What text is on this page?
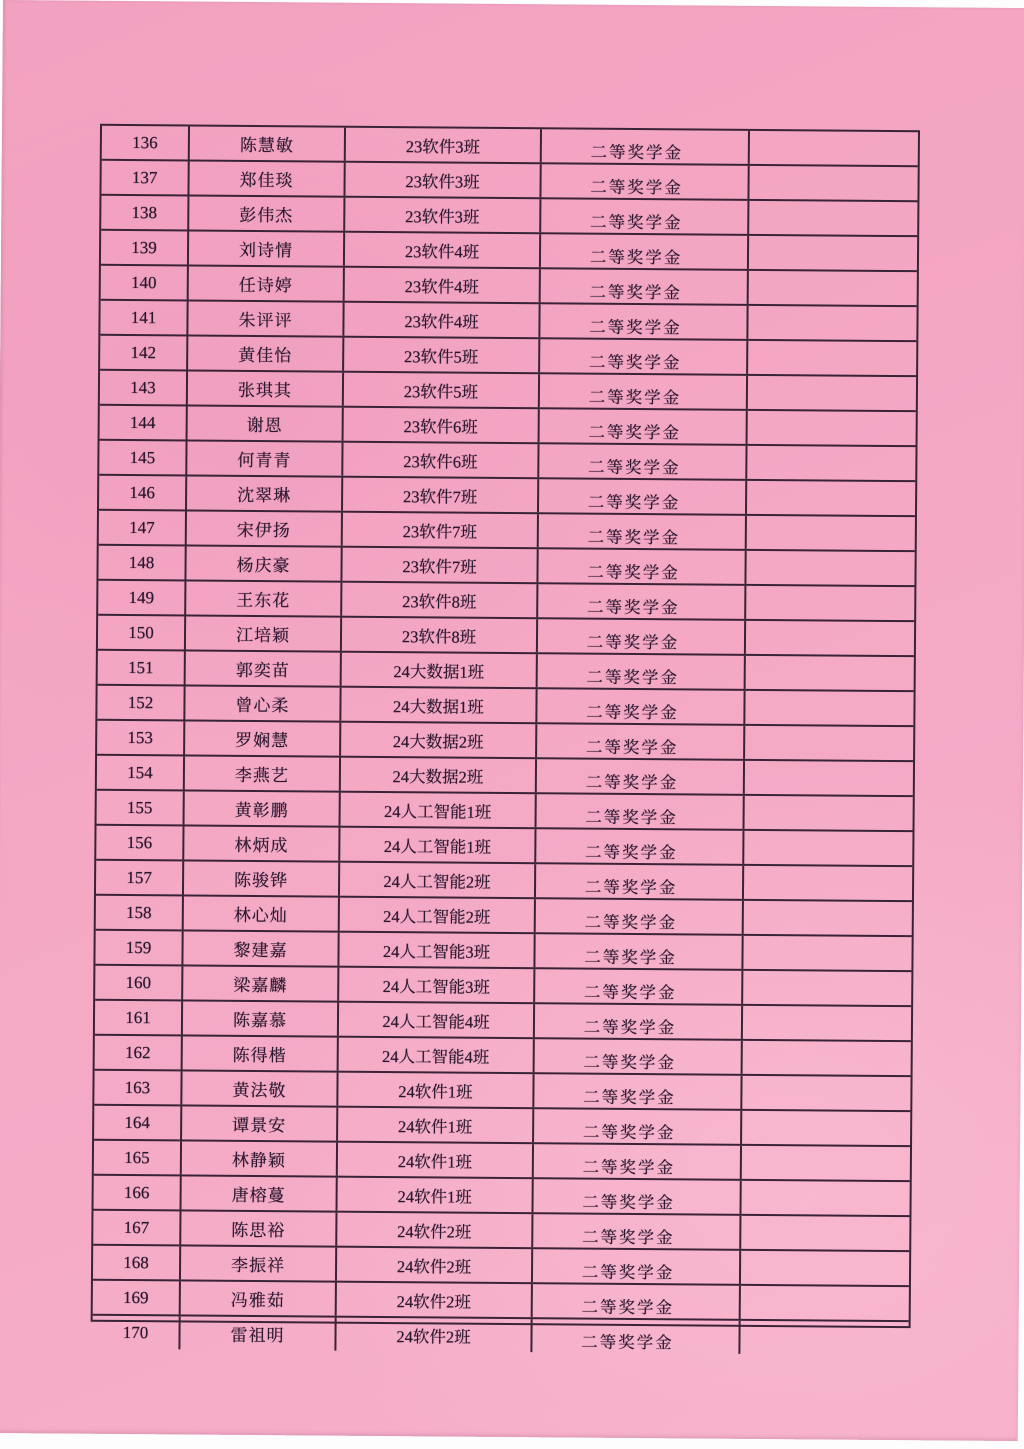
136	陈慧敏	23软件3班	二等奖学金
137	郑佳琰	23软件3班	二等奖学金
138	彭伟杰	23软件3班	二等奖学金
139	刘诗情	23软件4班	二等奖学金
140	任诗婷	23软件4班	二等奖学金
141	朱评评	23软件4班	二等奖学金
142	黄佳怡	23软件5班	二等奖学金
143	张琪其	23软件5班	二等奖学金
144	谢恩	23软件6班	二等奖学金
145	何青青	23软件6班	二等奖学金
146	沈翠琳	23软件7班	二等奖学金
147	宋伊扬	23软件7班	二等奖学金
148	杨庆豪	23软件7班	二等奖学金
149	王东花	23软件8班	二等奖学金
150	江培颖	23软件8班	二等奖学金
151	郭奕苗	24大数据1班	二等奖学金
152	曾心柔	24大数据1班	二等奖学金
153	罗娴慧	24大数据2班	二等奖学金
154	李燕艺	24大数据2班	二等奖学金
155	黄彰鹏	24人工智能1班	二等奖学金
156	林炳成	24人工智能1班	二等奖学金
157	陈骏铧	24人工智能2班	二等奖学金
158	林心灿	24人工智能2班	二等奖学金
159	黎建嘉	24人工智能3班	二等奖学金
160	梁嘉麟	24人工智能3班	二等奖学金
161	陈嘉慕	24人工智能4班	二等奖学金
162	陈得楷	24人工智能4班	二等奖学金
163	黄法敬	24软件1班	二等奖学金
164	谭景安	24软件1班	二等奖学金
165	林静颖	24软件1班	二等奖学金
166	唐榕蔓	24软件1班	二等奖学金
167	陈思裕	24软件2班	二等奖学金
168	李振祥	24软件2班	二等奖学金
169	冯雅茹	24软件2班	二等奖学金
170	雷祖明	24软件2班	二等奖学金
